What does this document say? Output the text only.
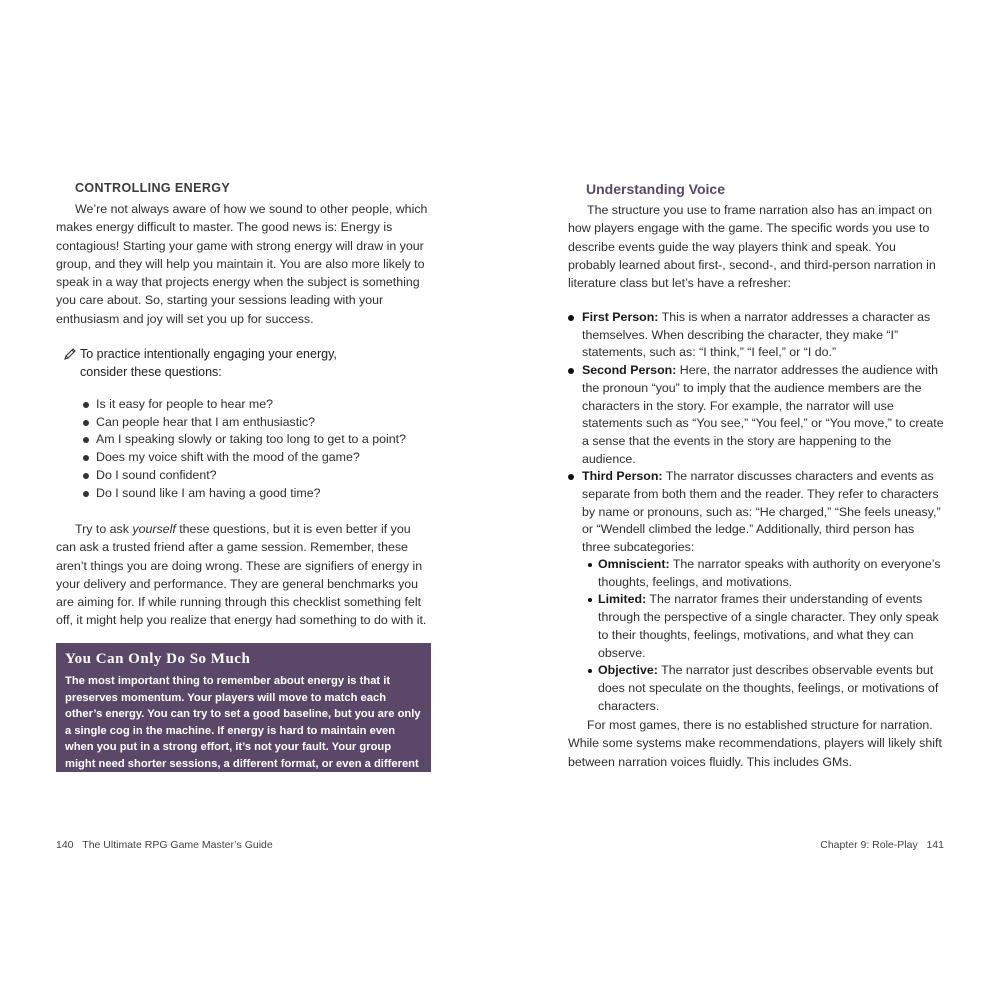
CONTROLLING ENERGY

We’re not always aware of how we sound to other people, which makes energy difficult to master. The good news is: Energy is contagious! Starting your game with strong energy will draw in your group, and they will help you maintain it. You are also more likely to speak in a way that projects energy when the subject is something you care about. So, starting your sessions leading with your enthusiasm and joy will set you up for success.

To practice intentionally engaging your energy,
consider these questions:
Is it easy for people to hear me?
Can people hear that I am enthusiastic?
Am I speaking slowly or taking too long to get to a point?
Does my voice shift with the mood of the game?
Do I sound confident?
Do I sound like I am having a good time?

Try to ask yourself these questions, but it is even better if you can ask a trusted friend after a game session. Remember, these aren’t things you are doing wrong. These are signifiers of energy in your delivery and performance. They are general benchmarks you are aiming for. If while running through this checklist something felt off, it might help you realize that energy had something to do with it.

You Can Only Do So Much

The most important thing to remember about energy is that it preserves momentum. Your players will move to match each other’s energy. You can try to set a good baseline, but you are only a single cog in the machine. If energy is hard to maintain even when you put in a strong effort, it’s not your fault. Your group might need shorter sessions, a different format, or even a different game.

140 The Ultimate RPG Game Master’s Guide
Understanding Voice

The structure you use to frame narration also has an impact on how players engage with the game. The specific words you use to describe events guide the way players think and speak. You probably learned about first-, second-, and third-person narration in literature class but let’s have a refresher:

First Person: This is when a narrator addresses a character as themselves. When describing the character, they make “I” statements, such as: “I think,” “I feel,” or “I do.”
Second Person: Here, the narrator addresses the audience with the pronoun “you” to imply that the audience members are the characters in the story. For example, the narrator will use statements such as “You see,” “You feel,” or “You move,” to create a sense that the events in the story are happening to the audience.
Third Person: The narrator discusses characters and events as separate from both them and the reader. They refer to characters by name or pronouns, such as: “He charged,” “She feels uneasy,” or “Wendell climbed the ledge.” Additionally, third person has three subcategories:
Omniscient: The narrator speaks with authority on everyone’s thoughts, feelings, and motivations.
Limited: The narrator frames their understanding of events through the perspective of a single character. They only speak to their thoughts, feelings, motivations, and what they can observe.
Objective: The narrator just describes observable events but does not speculate on the thoughts, feelings, or motivations of characters.

For most games, there is no established structure for narration. While some systems make recommendations, players will likely shift between narration voices fluidly. This includes GMs.

Chapter 9: Role-Play 141
